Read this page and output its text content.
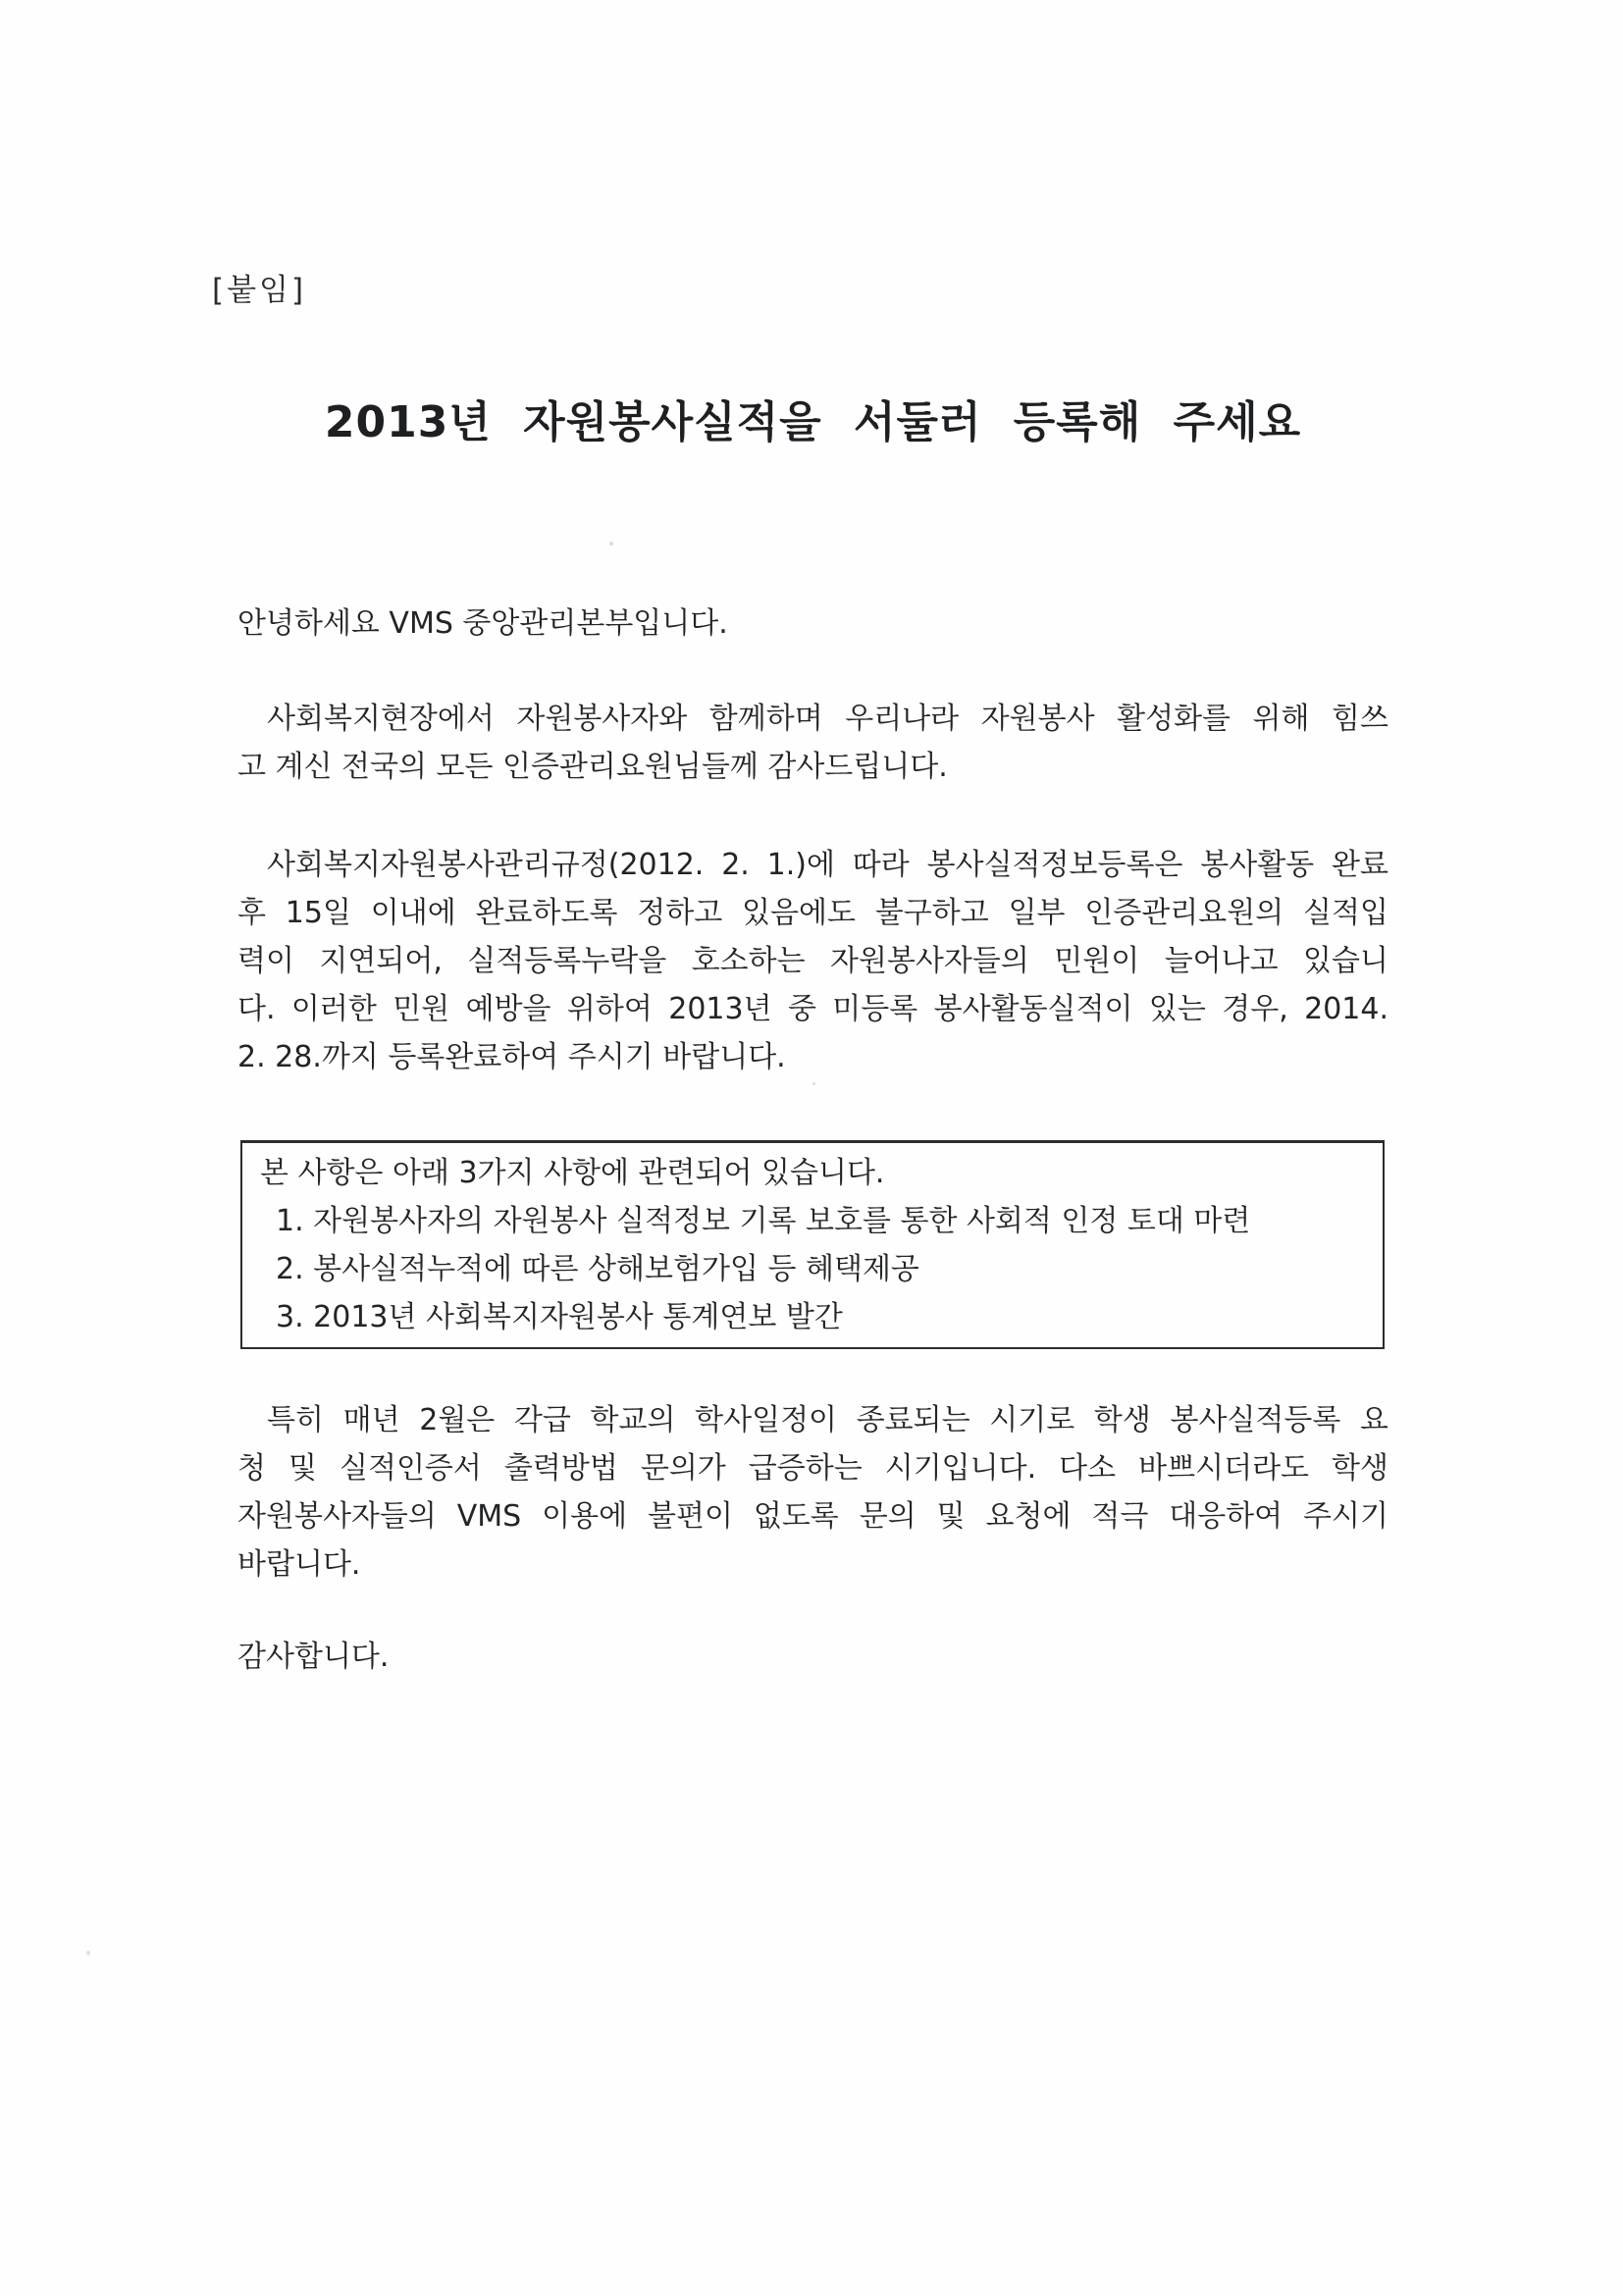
[붙임]
2013년 자원봉사실적을 서둘러 등록해 주세요
안녕하세요 VMS 중앙관리본부입니다.
사회복지현장에서 자원봉사자와 함께하며 우리나라 자원봉사 활성화를 위해 힘쓰
고 계신 전국의 모든 인증관리요원님들께 감사드립니다.
사회복지자원봉사관리규정(2012. 2. 1.)에 따라 봉사실적정보등록은 봉사활동 완료
후 15일 이내에 완료하도록 정하고 있음에도 불구하고 일부 인증관리요원의 실적입
력이 지연되어, 실적등록누락을 호소하는 자원봉사자들의 민원이 늘어나고 있습니
다. 이러한 민원 예방을 위하여 2013년 중 미등록 봉사활동실적이 있는 경우, 2014.
2. 28.까지 등록완료하여 주시기 바랍니다.
본 사항은 아래 3가지 사항에 관련되어 있습니다.
1. 자원봉사자의 자원봉사 실적정보 기록 보호를 통한 사회적 인정 토대 마련
2. 봉사실적누적에 따른 상해보험가입 등 혜택제공
3. 2013년 사회복지자원봉사 통계연보 발간
특히 매년 2월은 각급 학교의 학사일정이 종료되는 시기로 학생 봉사실적등록 요
청 및 실적인증서 출력방법 문의가 급증하는 시기입니다. 다소 바쁘시더라도 학생
자원봉사자들의 VMS 이용에 불편이 없도록 문의 및 요청에 적극 대응하여 주시기
바랍니다.
감사합니다.
